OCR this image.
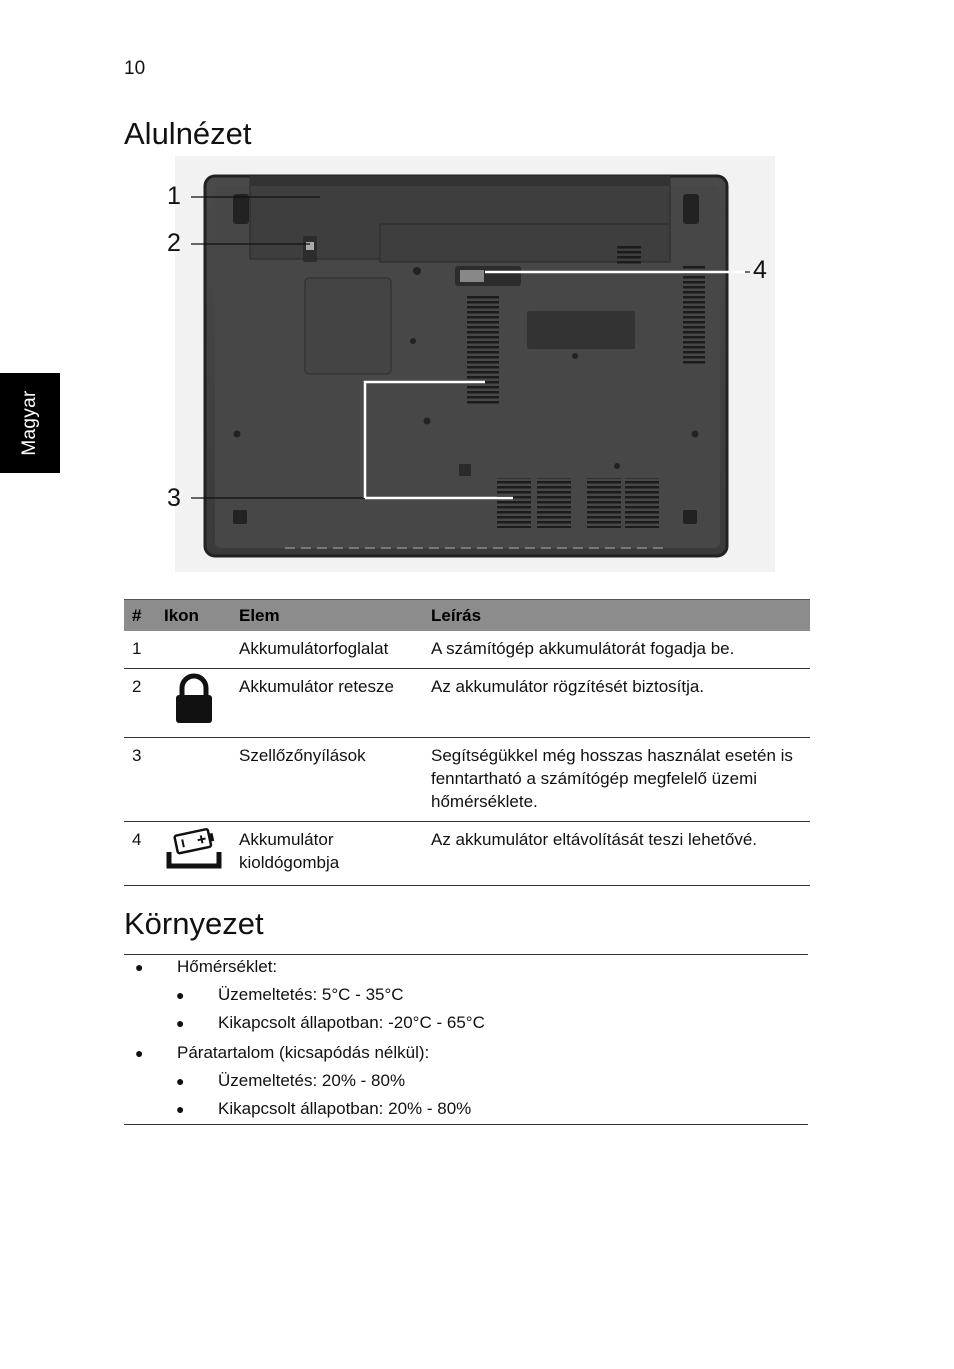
10
Alulnézet
Magyar
1
2
3
4
#	Ikon	Elem	Leírás
1		Akkumulátorfoglalat	A számítógép akkumulátorát fogadja be.
2		Akkumulátor retesze	Az akkumulátor rögzítését biztosítja.
3		Szellőzőnyílások	Segítségükkel még hosszas használat esetén is fenntartható a számítógép megfelelő üzemi hőmérséklete.
4		Akkumulátor kioldógombja	Az akkumulátor eltávolítását teszi lehetővé.
Környezet
● Hőmérséklet:
● Üzemeltetés: 5°C - 35°C
● Kikapcsolt állapotban: -20°C - 65°C
● Páratartalom (kicsapódás nélkül):
● Üzemeltetés: 20% - 80%
● Kikapcsolt állapotban: 20% - 80%
